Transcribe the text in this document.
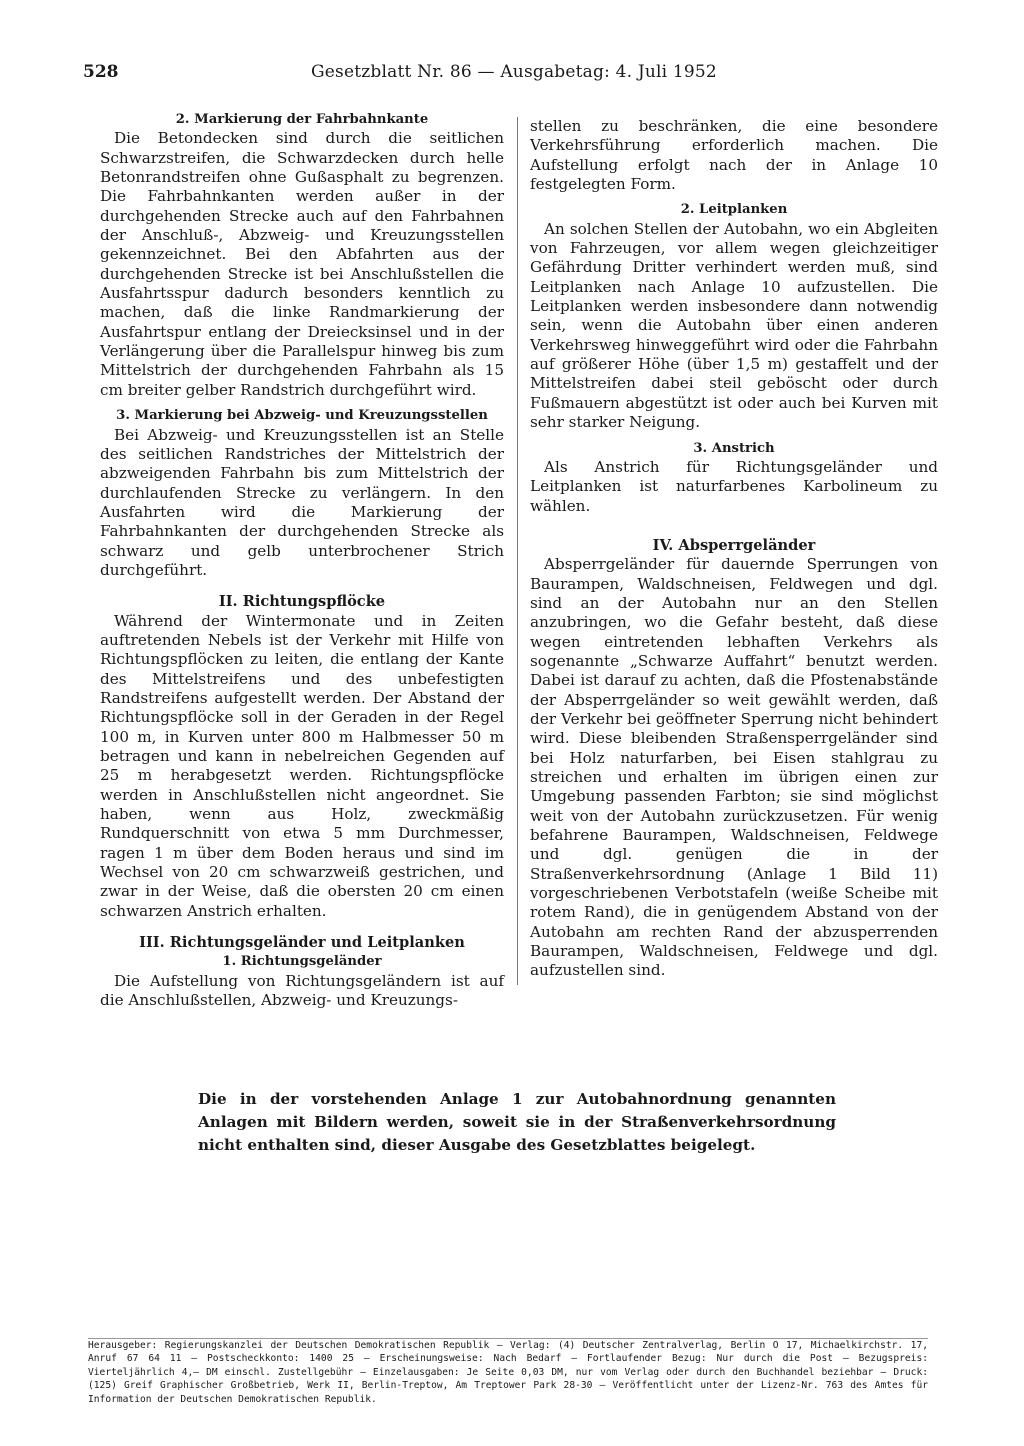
528	Gesetzblatt Nr. 86 — Ausgabetag: 4. Juli 1952
2. Markierung der Fahrbahnkante

Die Betondecken sind durch die seitlichen Schwarzstreifen, die Schwarzdecken durch helle Betonrandstreifen ohne Gußasphalt zu begrenzen. Die Fahrbahnkanten werden außer in der durchgehenden Strecke auch auf den Fahrbahnen der Anschluß-, Abzweig- und Kreuzungsstellen gekennzeichnet. Bei den Abfahrten aus der durchgehenden Strecke ist bei Anschlußstellen die Ausfahrtsspur dadurch besonders kenntlich zu machen, daß die linke Randmarkierung der Ausfahrtspur entlang der Dreiecksinsel und in der Verlängerung über die Parallelspur hinweg bis zum Mittelstrich der durchgehenden Fahrbahn als 15 cm breiter gelber Randstrich durchgeführt wird.

3. Markierung bei Abzweig- und Kreuzungsstellen

Bei Abzweig- und Kreuzungsstellen ist an Stelle des seitlichen Randstriches der Mittelstrich der abzweigenden Fahrbahn bis zum Mittelstrich der durchlaufenden Strecke zu verlängern. In den Ausfahrten wird die Markierung der Fahrbahnkanten der durchgehenden Strecke als schwarz und gelb unterbrochener Strich durchgeführt.

II. Richtungspflöcke

Während der Wintermonate und in Zeiten auftretenden Nebels ist der Verkehr mit Hilfe von Richtungspflöcken zu leiten, die entlang der Kante des Mittelstreifens und des unbefestigten Randstreifens aufgestellt werden. Der Abstand der Richtungspflöcke soll in der Geraden in der Regel 100 m, in Kurven unter 800 m Halbmesser 50 m betragen und kann in nebelreichen Gegenden auf 25 m herabgesetzt werden. Richtungspflöcke werden in Anschlußstellen nicht angeordnet. Sie haben, wenn aus Holz, zweckmäßig Rundquerschnitt von etwa 5 mm Durchmesser, ragen 1 m über dem Boden heraus und sind im Wechsel von 20 cm schwarzweiß gestrichen, und zwar in der Weise, daß die obersten 20 cm einen schwarzen Anstrich erhalten.

III. Richtungsgeländer und Leitplanken
1. Richtungsgeländer

Die Aufstellung von Richtungsgeländern ist auf die Anschlußstellen, Abzweig- und Kreuzungs-

stellen zu beschränken, die eine besondere Verkehrsführung erforderlich machen. Die Aufstellung erfolgt nach der in Anlage 10 festgelegten Form.

2. Leitplanken

An solchen Stellen der Autobahn, wo ein Abgleiten von Fahrzeugen, vor allem wegen gleichzeitiger Gefährdung Dritter verhindert werden muß, sind Leitplanken nach Anlage 10 aufzustellen. Die Leitplanken werden insbesondere dann notwendig sein, wenn die Autobahn über einen anderen Verkehrsweg hinweggeführt wird oder die Fahrbahn auf größerer Höhe (über 1,5 m) gestaffelt und der Mittelstreifen dabei steil geböscht oder durch Fußmauern abgestützt ist oder auch bei Kurven mit sehr starker Neigung.

3. Anstrich

Als Anstrich für Richtungsgeländer und Leitplanken ist naturfarbenes Karbolineum zu wählen.

IV. Absperrgeländer

Absperrgeländer für dauernde Sperrungen von Baurampen, Waldschneisen, Feldwegen und dgl. sind an der Autobahn nur an den Stellen anzubringen, wo die Gefahr besteht, daß diese wegen eintretenden lebhaften Verkehrs als sogenannte „Schwarze Auffahrt“ benutzt werden. Dabei ist darauf zu achten, daß die Pfostenabstände der Absperrgeländer so weit gewählt werden, daß der Verkehr bei geöffneter Sperrung nicht behindert wird. Diese bleibenden Straßensperrgeländer sind bei Holz naturfarben, bei Eisen stahlgrau zu streichen und erhalten im übrigen einen zur Umgebung passenden Farbton; sie sind möglichst weit von der Autobahn zurückzusetzen. Für wenig befahrene Baurampen, Waldschneisen, Feldwege und dgl. genügen die in der Straßenverkehrsordnung (Anlage 1 Bild 11) vorgeschriebenen Verbotstafeln (weiße Scheibe mit rotem Rand), die in genügendem Abstand von der Autobahn am rechten Rand der abzusperrenden Baurampen, Waldschneisen, Feldwege und dgl. aufzustellen sind.

Die in der vorstehenden Anlage 1 zur Autobahnordnung genannten Anlagen mit Bildern werden, soweit sie in der Straßenverkehrsordnung nicht enthalten sind, dieser Ausgabe des Gesetzblattes beigelegt.
Herausgeber: Regierungskanzlei der Deutschen Demokratischen Republik — Verlag: (4) Deutscher Zentralverlag, Berlin O 17, Michaelkirchstr. 17, Anruf 67 64 11 — Postscheckkonto: 1400 25 — Erscheinungsweise: Nach Bedarf — Fortlaufender Bezug: Nur durch die Post — Bezugspreis: Vierteljährlich 4,— DM einschl. Zustellgebühr — Einzelausgaben: Je Seite 0,03 DM, nur vom Verlag oder durch den Buchhandel beziehbar — Druck: (125) Greif Graphischer Großbetrieb, Werk II, Berlin-Treptow, Am Treptower Park 28-30 — Veröffentlicht unter der Lizenz-Nr. 763 des Amtes für Information der Deutschen Demokratischen Republik.
